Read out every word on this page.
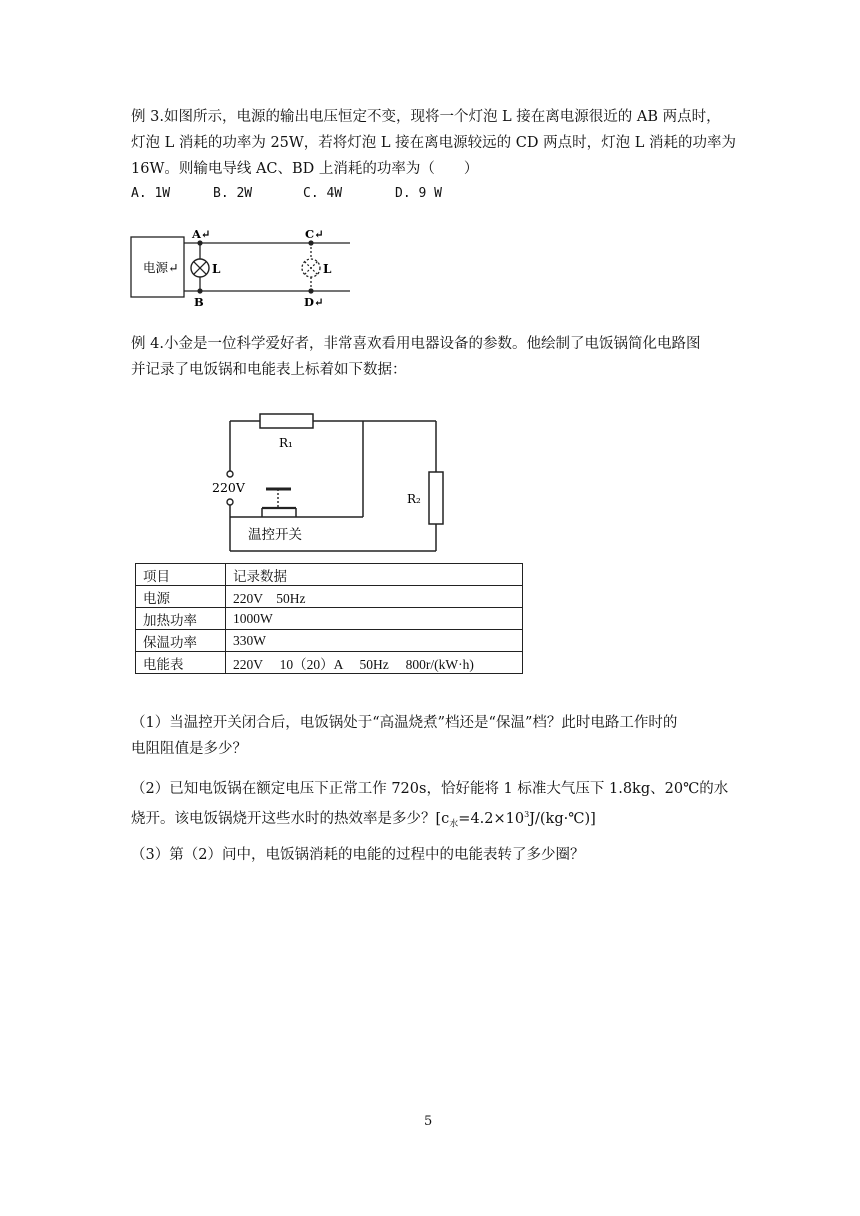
例 3.如图所示，电源的输出电压恒定不变，现将一个灯泡 L 接在离电源很近的 AB 两点时，
灯泡 L 消耗的功率为 25W，若将灯泡 L 接在离电源较远的 CD 两点时，灯泡 L 消耗的功率为
16W。则输电导线 AC、BD 上消耗的功率为（　　）
A. 1W	B. 2W	C. 4W	D. 9 W
电源↵
A↵
B
C↵
D↵
L	L
例 4.小金是一位科学爱好者，非常喜欢看用电器设备的参数。他绘制了电饭锅简化电路图
并记录了电饭锅和电能表上标着如下数据：
R₁
220V
R₂
温控开关
项目	记录数据
电源	220V　50Hz
加热功率	1000W
保温功率	330W
电能表	220V　 10（20）A　 50Hz　 800r/(kW·h)
（1）当温控开关闭合后，电饭锅处于“高温烧煮”档还是“保温”档？此时电路工作时的
电阻阻值是多少？
（2）已知电饭锅在额定电压下正常工作 720s，恰好能将 1 标准大气压下 1.8kg、20℃的水
烧开。该电饭锅烧开这些水时的热效率是多少？$[c_水=4.2\times 10^3J/(kg\cdot℃)]$
（3）第（2）问中，电饭锅消耗的电能的过程中的电能表转了多少圈？
5
